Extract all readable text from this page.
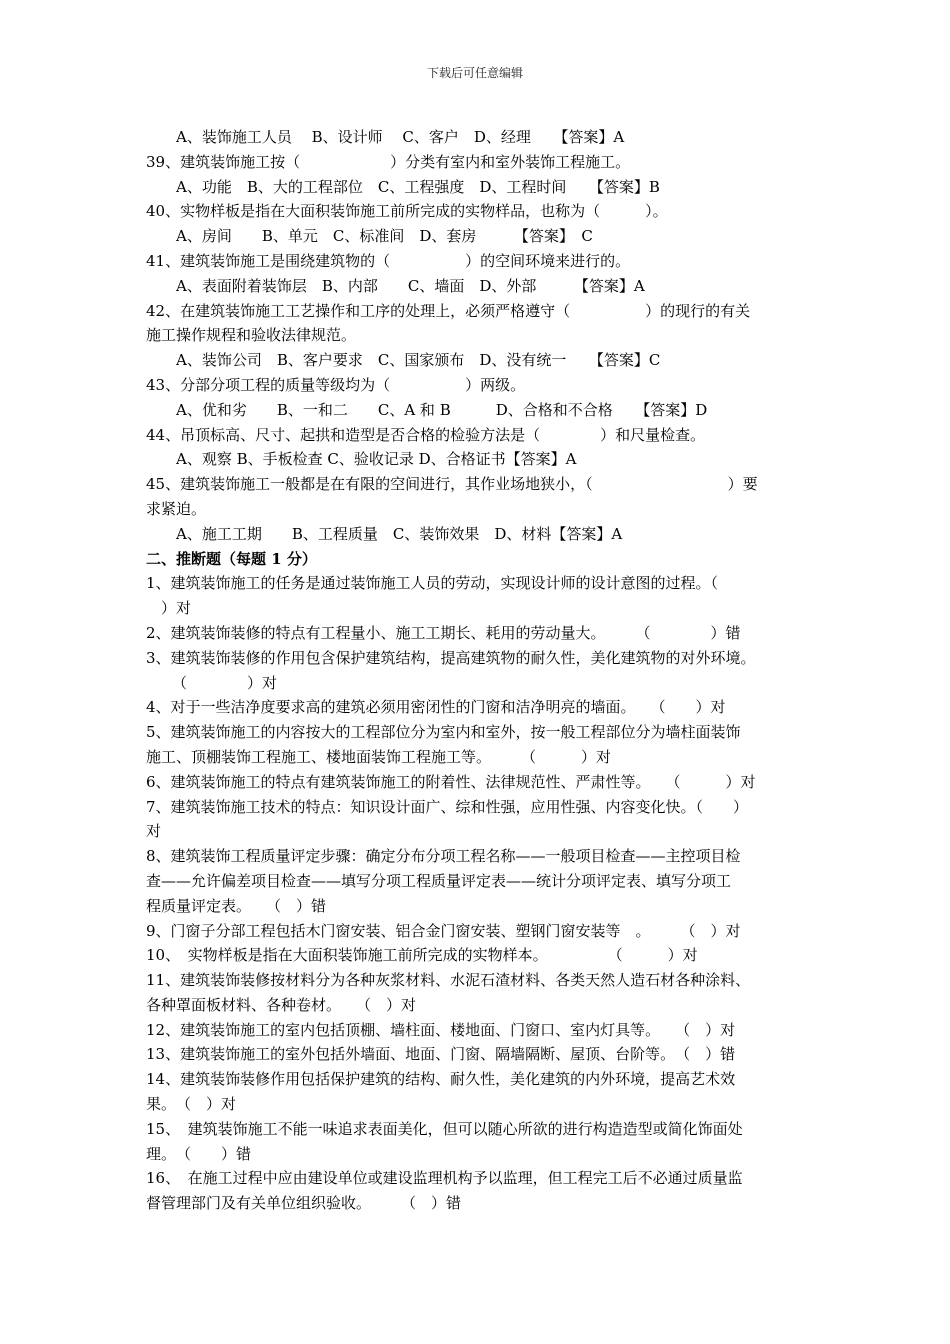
下载后可任意编辑
A、装饰施工人员　 B、设计师　 C、客户　D、经理　　【答案】A
39、建筑装饰施工按（　　　　　　）分类有室内和室外装饰工程施工。
A、功能　B、大的工程部位　C、工程强度　D、工程时间　　【答案】B
40、实物样板是指在大面积装饰施工前所完成的实物样品，也称为（　　　）。
A、房间　　B、单元　C、标准间　D、套房　　　【答案】　C
41、建筑装饰施工是围绕建筑物的（　　　　　）的空间环境来进行的。
A、表面附着装饰层　B、内部　　C、墙面　D、外部　　　【答案】A
42、在建筑装饰施工工艺操作和工序的处理上，必须严格遵守（　　　　　）的现行的有关
施工操作规程和验收法律规范。
A、装饰公司　B、客户要求　C、国家颁布　D、没有统一　　【答案】C
43、分部分项工程的质量等级均为（　　　　　）两级。
A、优和劣　　B、一和二　　C、A 和 B　　　D、合格和不合格　　【答案】D
44、吊顶标高、尺寸、起拱和造型是否合格的检验方法是（　　　　）和尺量检查。
A、观察 B、手板检查 C、验收记录 D、合格证书【答案】A
45、建筑装饰施工一般都是在有限的空间进行，其作业场地狭小，（　　　　　　　　　）要
求紧迫。
A、施工工期　　B、工程质量　C、装饰效果　D、材料【答案】A
二、推断题（每题 1 分）
1、建筑装饰施工的任务是通过装饰施工人员的劳动，实现设计师的设计意图的过程。（
　）对
2、建筑装饰装修的特点有工程量小、施工工期长、耗用的劳动量大。　　　（　　　　）错
3、建筑装饰装修的作用包含保护建筑结构，提高建筑物的耐久性，美化建筑物的对外环境。
（　　　　）对
4、对于一些洁净度要求高的建筑必须用密闭性的门窗和洁净明亮的墙面。　　（　　）对
5、建筑装饰施工的内容按大的工程部位分为室内和室外，按一般工程部位分为墙柱面装饰
施工、顶棚装饰工程施工、楼地面装饰工程施工等。　　　（　　　）对
6、建筑装饰施工的特点有建筑装饰施工的附着性、法律规范性、严肃性等。　　（　　　）对
7、建筑装饰施工技术的特点：知识设计面广、综和性强，应用性强、内容变化快。（　　）
对
8、建筑装饰工程质量评定步骤：确定分布分项工程名称——一般项目检查——主控项目检
查——允许偏差项目检查——填写分项工程质量评定表——统计分项评定表、填写分项工
程质量评定表。　　（　）错
9、门窗子分部工程包括木门窗安装、铝合金门窗安装、塑钢门窗安装等　。　　　（　）对
10、　实物样板是指在大面积装饰施工前所完成的实物样本。　　　　　（　　　）对
11、建筑装饰装修按材料分为各种灰浆材料、水泥石渣材料、各类天然人造石材各种涂料、
各种罩面板材料、各种卷材。　　（　）对
12、建筑装饰施工的室内包括顶棚、墙柱面、楼地面、门窗口、室内灯具等。　　（　）对
13、建筑装饰施工的室外包括外墙面、地面、门窗、隔墙隔断、屋顶、台阶等。　（　）错
14、建筑装饰装修作用包括保护建筑的结构、耐久性，美化建筑的内外环境，提高艺术效
果。　（　）对
15、　建筑装饰施工不能一味追求表面美化，但可以随心所欲的进行构造造型或简化饰面处
理。　（　　）错
16、　在施工过程中应由建设单位或建设监理机构予以监理，但工程完工后不必通过质量监
督管理部门及有关单位组织验收。　　　（　）错
